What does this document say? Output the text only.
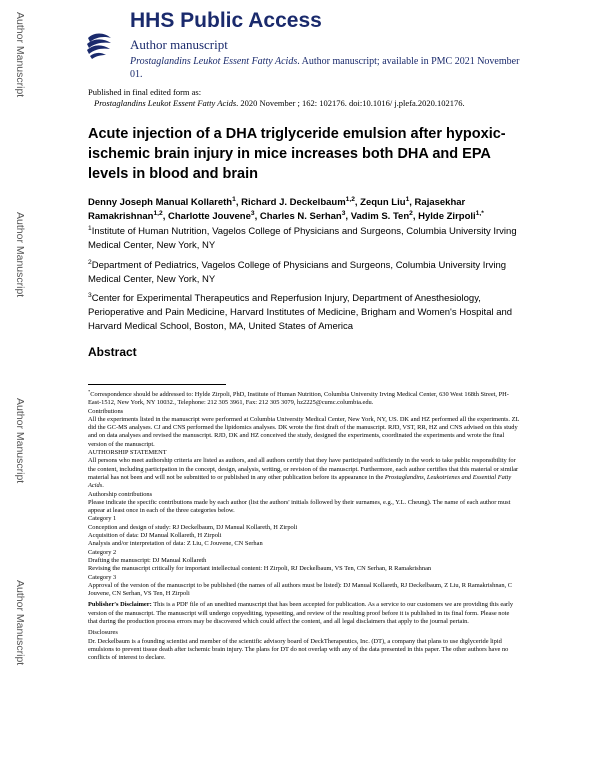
Author Manuscript
Author Manuscript
Author Manuscript
Author Manuscript
HHS Public Access
Author manuscript
Prostaglandins Leukot Essent Fatty Acids. Author manuscript; available in PMC 2021 November 01.
Published in final edited form as:
Prostaglandins Leukot Essent Fatty Acids. 2020 November ; 162: 102176. doi:10.1016/ j.plefa.2020.102176.
Acute injection of a DHA triglyceride emulsion after hypoxic-ischemic brain injury in mice increases both DHA and EPA levels in blood and brain
Denny Joseph Manual Kollareth$^1$, Richard J. Deckelbaum$^{1,2}$, Zequn Liu$^1$, Rajasekhar Ramakrishnan$^{1,2}$, Charlotte Jouvene$^3$, Charles N. Serhan$^3$, Vadim S. Ten$^2$, Hylde Zirpoli$^{1,*}$
$^1$Institute of Human Nutrition, Vagelos College of Physicians and Surgeons, Columbia University Irving Medical Center, New York, NY
$^2$Department of Pediatrics, Vagelos College of Physicians and Surgeons, Columbia University Irving Medical Center, New York, NY
$^3$Center for Experimental Therapeutics and Reperfusion Injury, Department of Anesthesiology, Perioperative and Pain Medicine, Harvard Institutes of Medicine, Brigham and Women's Hospital and Harvard Medical School, Boston, MA, United States of America
Abstract

*Correspondence should be addressed to: Hylde Zirpoli, PhD, Institute of Human Nutrition, Columbia University Irving Medical Center, 630 West 168th Street, PH-East-1512, New York, NY 10032., Telephone: 212 305 3961, Fax: 212 305 3079, hz2225@cumc.columbia.edu.

Contributions

All the experiments listed in the manuscript were performed at Columbia University Medical Center, New York, NY, US. DK and HZ performed all the experiments. ZL did the GC-MS analyses. CJ and CNS performed the lipidomics analyses. DK wrote the first draft of the manuscript. RJD, VST, RR, HZ and CNS advised on this study and on data analyses and revised the manuscript. RJD, DK and HZ conceived the study, designed the experiments, coordinated the experiments and wrote the final version of the manuscript.

AUTHORSHIP STATEMENT

All persons who meet authorship criteria are listed as authors, and all authors certify that they have participated sufficiently in the work to take public responsibility for the content, including participation in the concept, design, analysis, writing, or revision of the manuscript. Furthermore, each author certifies that this material or similar material has not been and will not be submitted to or published in any other publication before its appearance in the Prostaglandins, Leukotrienes and Essential Fatty Acids.

Authorship contributions

Please indicate the specific contributions made by each author (list the authors' initials followed by their surnames, e.g., Y.L. Cheung). The name of each author must appear at least once in each of the three categories below.

Category 1

Conception and design of study: RJ Deckelbaum, DJ Manual Kollareth, H Zirpoli

Acquisition of data: DJ Manual Kollareth, H Zirpoli

Analysis and/or interpretation of data: Z Liu, C Jouvene, CN Serhan

Category 2

Drafting the manuscript: DJ Manual Kollareth

Revising the manuscript critically for important intellectual content: H Zirpoli, RJ Deckelbaum, VS Ten, CN Serhan, R Ramakrishnan

Category 3

Approval of the version of the manuscript to be published (the names of all authors must be listed): DJ Manual Kollareth, RJ Deckelbaum, Z Liu, R Ramakrishnan, C Jouvene, CN Serhan, VS Ten, H Zirpoli

Publisher's Disclaimer: This is a PDF file of an unedited manuscript that has been accepted for publication. As a service to our customers we are providing this early version of the manuscript. The manuscript will undergo copyediting, typesetting, and review of the resulting proof before it is published in its final form. Please note that during the production process errors may be discovered which could affect the content, and all legal disclaimers that apply to the journal pertain.

Disclosures

Dr. Deckelbaum is a founding scientist and member of the scientific advisory board of DeckTherapeutics, Inc. (DT), a company that plans to use diglyceride lipid emulsions to prevent tissue death after ischemic brain injury. The plans for DT do not overlap with any of the data presented in this paper. The other authors have no conflicts of interest to declare.
